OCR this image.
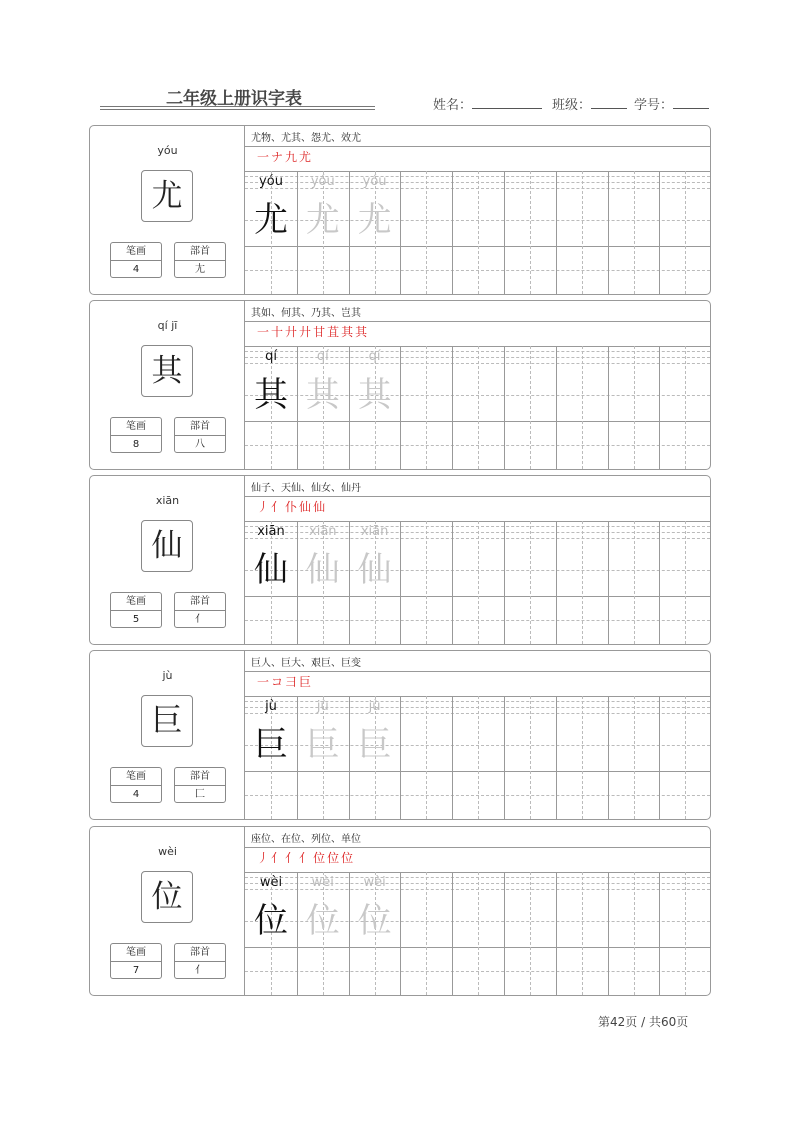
二年级上册识字表	姓名：	班级：	学号：
yóu
尤
笔画
4
部首
尢
尤物、尤其、怨尤、效尤
一ナ九尤
yóu
尤
yóu
尤
yóu
尤
qí jī
其
笔画
8
部首
八
其如、何其、乃其、岂其
一十廾廾甘苴其其
qí
其
qí
其
qí
其
xiān
仙
笔画
5
部首
亻
仙子、天仙、仙女、仙丹
丿亻仆仙仙
xiān
仙
xiān
仙
xiān
仙
jù
巨
笔画
4
部首
匚
巨人、巨大、艰巨、巨变
一コ彐巨
jù
巨
jù
巨
jù
巨
wèi
位
笔画
7
部首
亻
座位、在位、列位、单位
丿亻亻亻位位位
wèi
位
wèi
位
wèi
位
第42页 / 共60页
